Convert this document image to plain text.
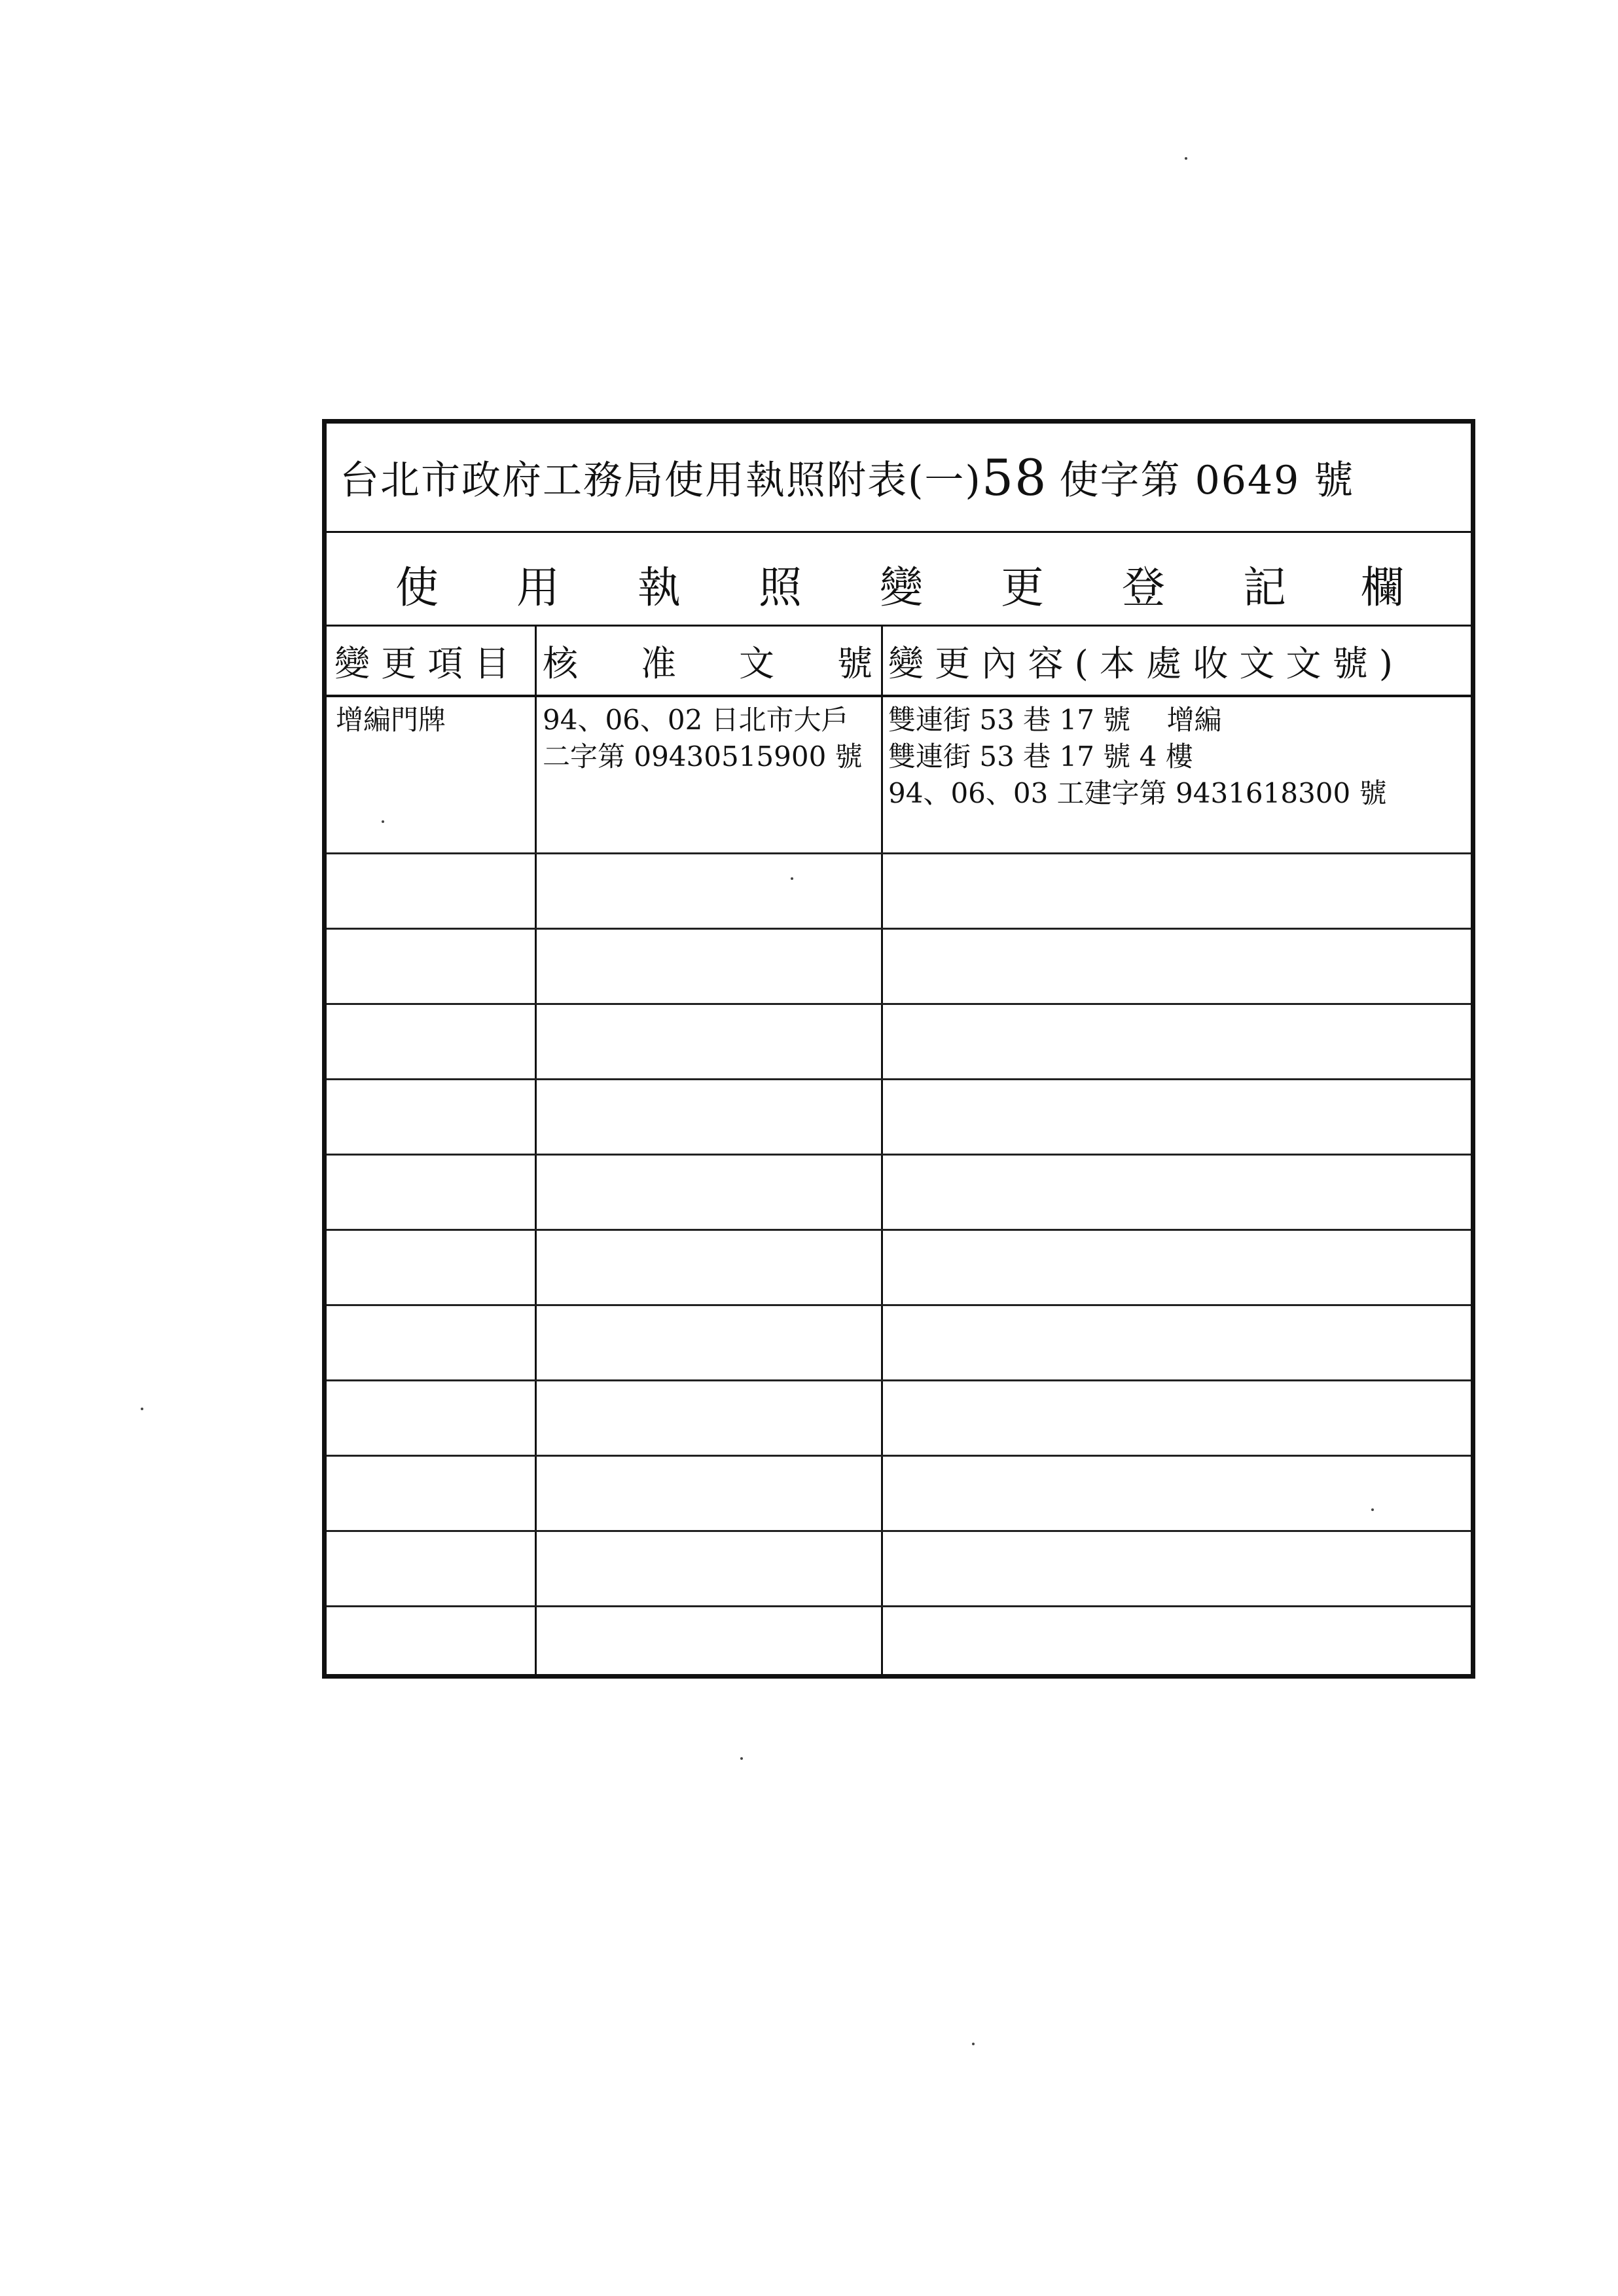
台北市政府工務局使用執照附表(一) 58 使字第 0649 號
使 用 執 照 變 更 登 記 欄
變 更 項 目 核 准 文 號 變 更 內 容 ( 本 處 收 文 文 號 )
增編門牌	94、06、02 日北市大戶
二字第 09430515900 號
雙連街 53 巷 17 號　 增編
雙連街 53 巷 17 號 4 樓
94、06、03 工建字第 9431618300 號
